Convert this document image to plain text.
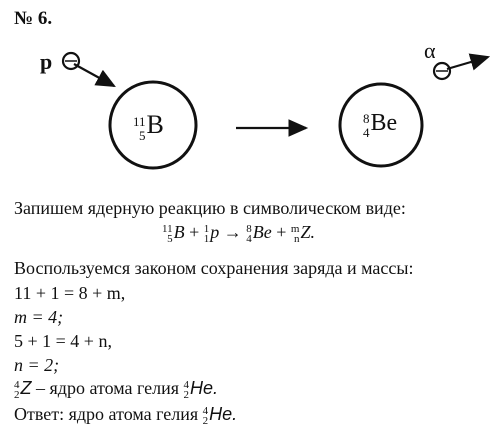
№ 6.
p	α
11
5 B	8
4 Be
Запишем ядерную реакцию в символическом виде:
11
5 B + 1
1 p → 8
4 Be + m
n Z.
Воспользуемся законом сохранения заряда и массы:
11 + 1 = 8 + m,
m = 4;
5 + 1 = 4 + n,
n = 2;
4
2 Z – ядро атома гелия 4
2 He.
Ответ: ядро атома гелия 4
2 He.
